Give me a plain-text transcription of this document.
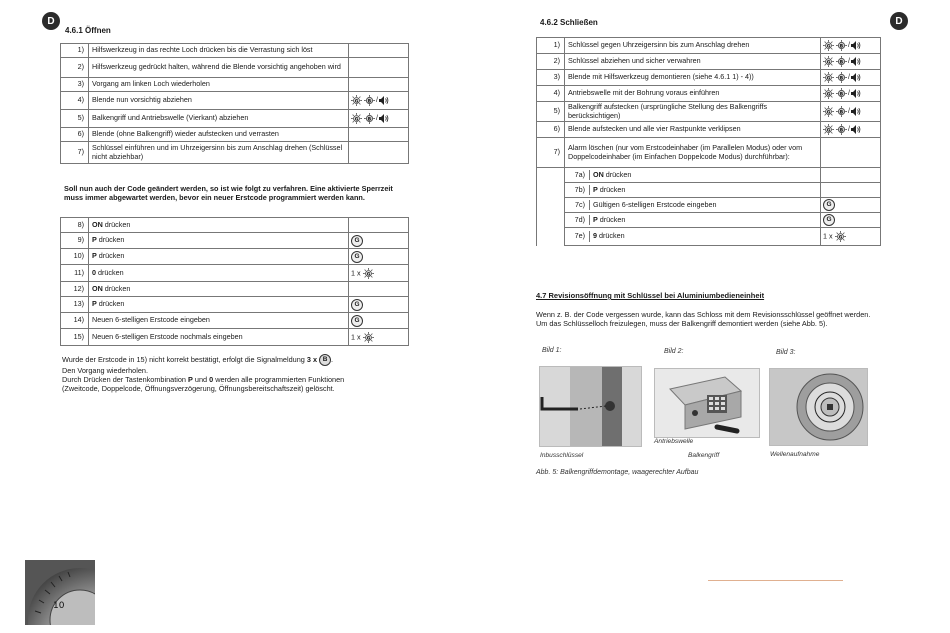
D
4.6.1 Öffnen
1)	Hilfswerkzeug in das rechte Loch drücken bis die Verrastung sich löst	
2)	Hilfswerkzeug gedrückt halten, während die Blende vorsichtig angehoben wird	
3)	Vorgang am linken Loch wiederholen	
4)	Blende nun vorsichtig abziehen	G
B /
5)	Balkengriff und Antriebswelle (Vierkant) abziehen	G
B /
6)	Blende (ohne Balkengriff) wieder aufstecken und verrasten	
7)	Schlüssel einführen und im Uhrzeigersinn bis zum Anschlag drehen (Schlüssel nicht abziehbar)	
Soll nun auch der Code geändert werden, so ist wie folgt zu verfahren. Eine aktivierte Sperrzeit muss immer abgewartet werden, bevor ein neuer Erstcode programmiert werden kann.
8)	ON drücken	
9)	P drücken	G
10)	P drücken	G
11)	0 drücken	1 x G

12)	ON drücken	
13)	P drücken	G
14)	Neuen 6-stelligen Erstcode eingeben	G
15)	Neuen 6-stelligen Erstcode nochmals eingeben	1 x G
Wurde der Erstcode in 15) nicht korrekt bestätigt, erfolgt die Signalmeldung 3 x B .
Den Vorgang wiederholen.
Durch Drücken der Tastenkombination P und 0 werden alle programmierten Funktionen
(Zweitcode, Doppelcode, Öffnungsverzögerung, Öffnungsbereitschaftszeit) gelöscht.
10
D
4.6.2 Schließen
1)	Schlüssel gegen Uhrzeigersinn bis zum Anschlag drehen	G
B /
2)	Schlüssel abziehen und sicher verwahren	G
B /
3)	Blende mit Hilfswerkzeug demontieren (siehe 4.6.1 1) - 4))	G
B /
4)	Antriebswelle mit der Bohrung voraus einführen	G
B /
5)	Balkengriff aufstecken (ursprüngliche Stellung des Balkengriffs berücksichtigen)	G
B /
6)	Blende aufstecken und alle vier Rastpunkte verklipsen	G
B /
7)	Alarm löschen (nur vom Erstcodeinhaber (im Parallelen Modus) oder vom Doppelcodeinhaber (im Einfachen Doppelcode Modus) durchführbar):	

	7a) ON drücken	

	7b) P drücken	

	7c) Gültigen 6-stelligen Erstcode eingeben	G

	7d) P drücken	G

	7e) 9 drücken	1 x G
4.7 Revisionsöffnung mit Schlüssel bei Aluminiumbedieneinheit
Wenn z. B. der Code vergessen wurde, kann das Schloss mit dem Revisionsschlüssel geöffnet werden. Um das Schlüsselloch freizulegen, muss der Balkengriff demontiert werden (siehe Abb. 5).
Bild 1:	Bild 2:	Bild 3:
Inbusschlüssel
Antriebswelle
Balkengriff	Wellenaufnahme
Abb. 5: Balkengriffdemontage, waagerechter Aufbau
